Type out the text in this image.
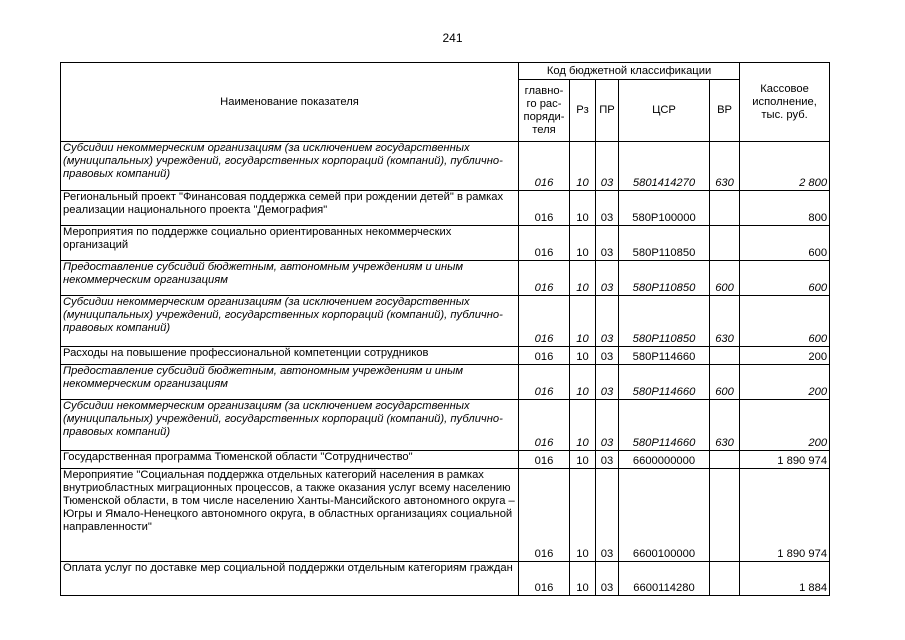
241
Наименование показателя	Код бюджетной классификации					Кассовое исполнение, тыс. руб.
	главно-го рас-поряди-теля	Рз	ПР	ЦСР	ВР	
Субсидии некоммерческим организациям (за исключением государственных (муниципальных) учреждений, государственных корпораций (компаний), публично-правовых компаний)	016	10	03	5801414270	630	2 800
Региональный проект "Финансовая поддержка семей при рождении детей" в рамках реализации национального проекта "Демография"	016	10	03	580P100000		800
Мероприятия по поддержке социально ориентированных некоммерческих организаций	016	10	03	580P110850		600
Предоставление субсидий бюджетным, автономным учреждениям и иным некоммерческим организациям	016	10	03	580P110850	600	600
Субсидии некоммерческим организациям (за исключением государственных (муниципальных) учреждений, государственных корпораций (компаний), публично-правовых компаний)	016	10	03	580P110850	630	600
Расходы на повышение профессиональной компетенции сотрудников	016	10	03	580P114660		200
Предоставление субсидий бюджетным, автономным учреждениям и иным некоммерческим организациям	016	10	03	580P114660	600	200
Субсидии некоммерческим организациям (за исключением государственных (муниципальных) учреждений, государственных корпораций (компаний), публично-правовых компаний)	016	10	03	580P114660	630	200
Государственная программа Тюменской области "Сотрудничество"	016	10	03	6600000000		1 890 974
Мероприятие "Социальная поддержка отдельных категорий населения в рамках внутриобластных миграционных процессов, а также оказания услуг всему населению Тюменской области, в том числе населению Ханты-Мансийского автономного округа – Югры и Ямало-Ненецкого автономного округа, в областных организациях социальной направленности"	016	10	03	6600100000		1 890 974
Оплата услуг по доставке мер социальной поддержки отдельным категориям граждан	016	10	03	6600114280		1 884
